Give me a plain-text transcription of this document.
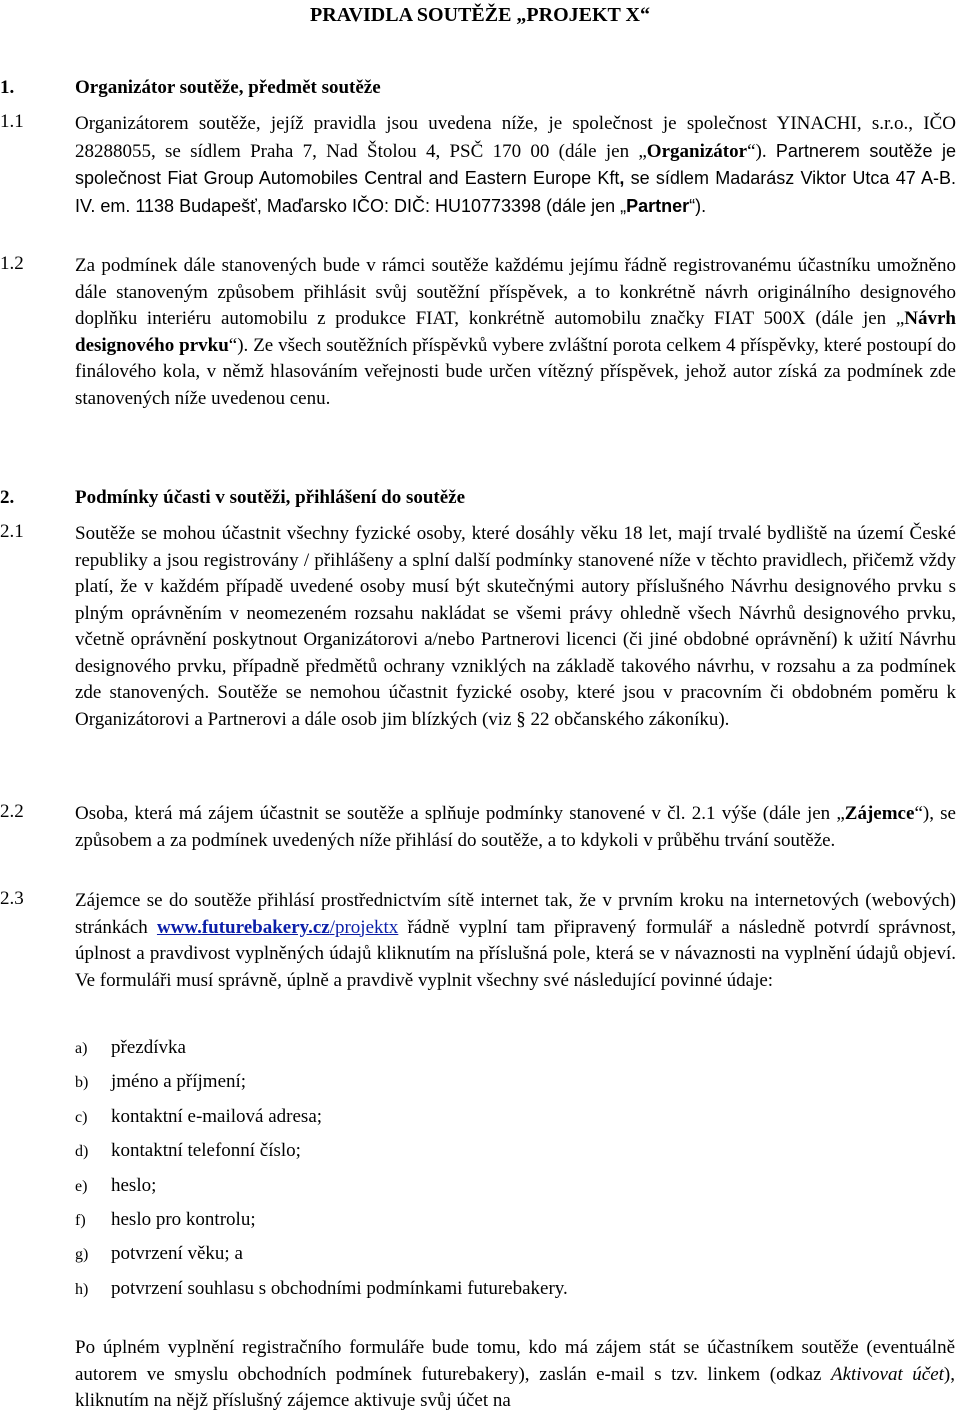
PRAVIDLA SOUTĚŽE „PROJEKT X“
1.	Organizátor soutěže, předmět soutěže
1.1	Organizátorem soutěže, jejíž pravidla jsou uvedena níže, je společnost je společnost YINACHI, s.r.o., IČO 28288055, se sídlem Praha 7, Nad Štolou 4, PSČ 170 00 (dále jen „Organizátor“). Partnerem soutěže je společnost Fiat Group Automobiles Central and Eastern Europe Kft, se sídlem Madarász Viktor Utca 47 A-B. IV. em. 1138 Budapešť, Maďarsko IČO: DIČ: HU10773398 (dále jen „Partner“).
1.2	Za podmínek dále stanovených bude v rámci soutěže každému jejímu řádně registrovanému účastníku umožněno dále stanoveným způsobem přihlásit svůj soutěžní příspěvek, a to konkrétně návrh originálního designového doplňku interiéru automobilu z produkce FIAT, konkrétně automobilu značky FIAT 500X (dále jen „Návrh designového prvku“). Ze všech soutěžních příspěvků vybere zvláštní porota celkem 4 příspěvky, které postoupí do finálového kola, v němž hlasováním veřejnosti bude určen vítězný příspěvek, jehož autor získá za podmínek zde stanovených níže uvedenou cenu.
2.	Podmínky účasti v soutěži, přihlášení do soutěže
2.1	Soutěže se mohou účastnit všechny fyzické osoby, které dosáhly věku 18 let, mají trvalé bydliště na území České republiky a jsou registrovány / přihlášeny a splní další podmínky stanovené níže v těchto pravidlech, přičemž vždy platí, že v každém případě uvedené osoby musí být skutečnými autory příslušného Návrhu designového prvku s plným oprávněním v neomezeném rozsahu nakládat se všemi právy ohledně všech Návrhů designového prvku, včetně oprávnění poskytnout Organizátorovi a/nebo Partnerovi licenci (či jiné obdobné oprávnění) k užití Návrhu designového prvku, případně předmětů ochrany vzniklých na základě takového návrhu, v rozsahu a za podmínek zde stanovených. Soutěže se nemohou účastnit fyzické osoby, které jsou v pracovním či obdobném poměru k Organizátorovi a Partnerovi a dále osob jim blízkých (viz § 22 občanského zákoníku).
2.2	Osoba, která má zájem účastnit se soutěže a splňuje podmínky stanovené v čl. 2.1 výše (dále jen „Zájemce“), se způsobem a za podmínek uvedených níže přihlásí do soutěže, a to kdykoli v průběhu trvání soutěže.
2.3	Zájemce se do soutěže přihlásí prostřednictvím sítě internet tak, že v prvním kroku na internetových (webových) stránkách www.futurebakery.cz/projektx řádně vyplní tam připravený formulář a následně potvrdí správnost, úplnost a pravdivost vyplněných údajů kliknutím na příslušná pole, která se v návaznosti na vyplnění údajů objeví. Ve formuláři musí správně, úplně a pravdivě vyplnit všechny své následující povinné údaje:
a)	přezdívka
b)	jméno a příjmení;
c)	kontaktní e-mailová adresa;
d)	kontaktní telefonní číslo;
e)	heslo;
f)	heslo pro kontrolu;
g)	potvrzení věku; a
h)	potvrzení souhlasu s obchodními podmínkami futurebakery.
Po úplném vyplnění registračního formuláře bude tomu, kdo má zájem stát se účastníkem soutěže (eventuálně autorem ve smyslu obchodních podmínek futurebakery), zaslán e-mail s tzv. linkem (odkaz Aktivovat účet), kliknutím na nějž příslušný zájemce aktivuje svůj účet na
